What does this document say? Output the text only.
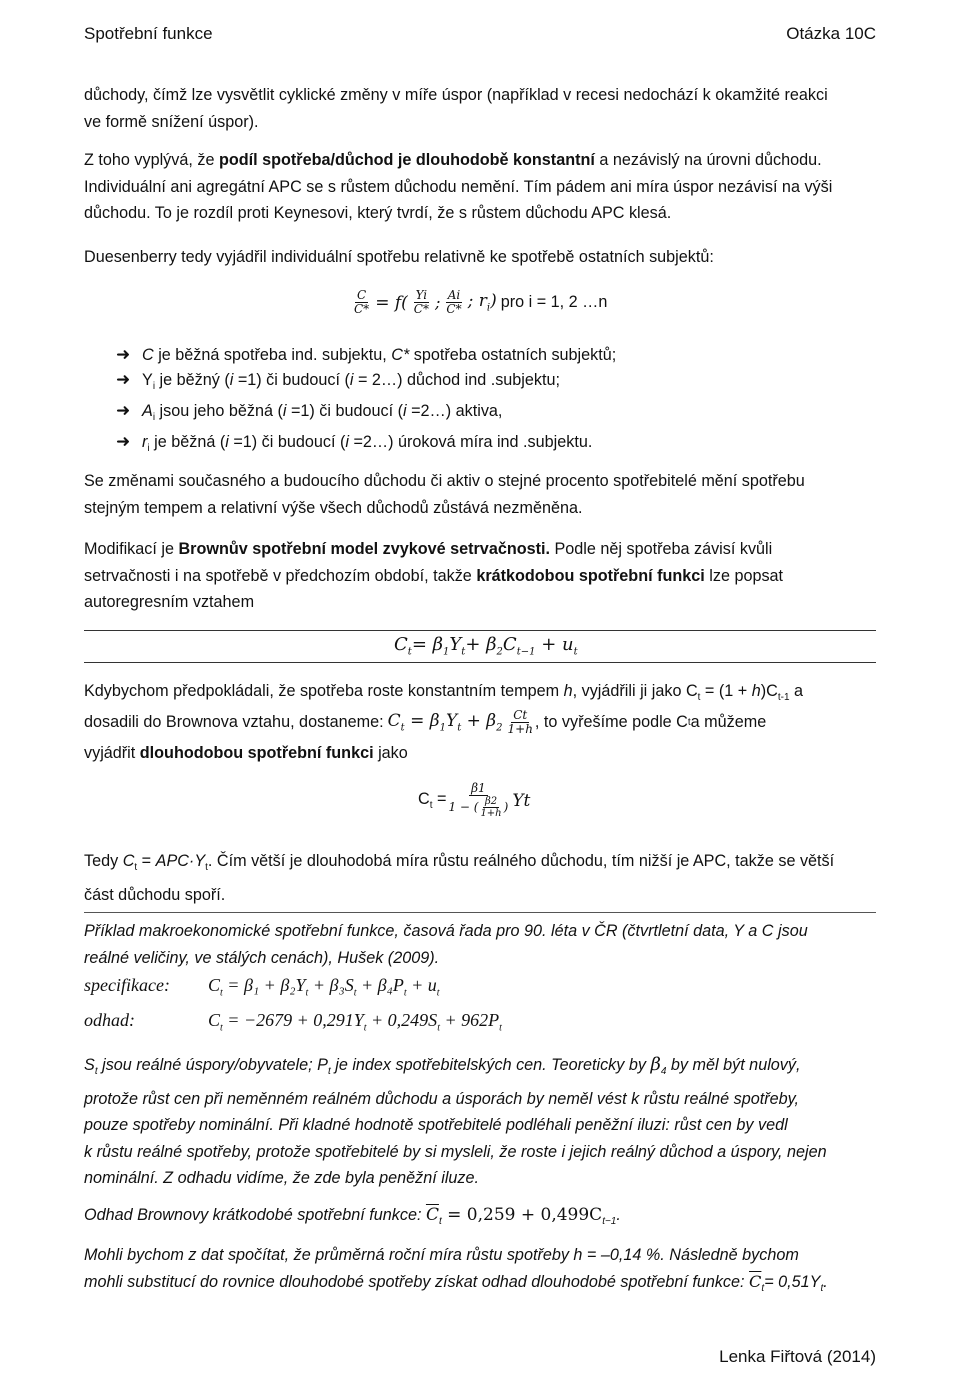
Spotřební funkce	Otázka 10C
důchody, čímž lze vysvětlit cyklické změny v míře úspor (například v recesi nedochází k okamžité reakci
ve formě snížení úspor).
Z toho vyplývá, že podíl spotřeba/důchod je dlouhodobě konstantní a nezávislý na úrovni důchodu.
Individuální ani agregátní APC se s růstem důchodu nemění. Tím pádem ani míra úspor nezávisí na výši
důchodu. To je rozdíl proti Keynesovi, který tvrdí, že s růstem důchodu APC klesá.
Duesenberry tedy vyjádřil individuální spotřebu relativně ke spotřebě ostatních subjektů:
$\frac{C}{C*} = f( \frac{Yi}{C*}$ ; $\frac{Ai}{C*}$ ; $r_i$) pro i = 1, 2 …n
➜ C je běžná spotřeba ind. subjektu, C* spotřeba ostatních subjektů;
➜ $Y_i$ je běžný (i =1) či budoucí (i = 2…) důchod ind .subjektu;
➜ $A_i$ jsou jeho běžná (i =1) či budoucí (i =2…) aktiva,
➜ $r_i$ je běžná (i =1) či budoucí (i =2…) úroková míra ind .subjektu.
Se změnami současného a budoucího důchodu či aktiv o stejné procento spotřebitelé mění spotřebu
stejným tempem a relativní výše všech důchodů zůstává nezměněna.
Modifikací je Brownův spotřební model zvykové setrvačnosti. Podle něj spotřeba závisí kvůli
setrvačnosti i na spotřebě v předchozím období, takže krátkodobou spotřební funkci lze popsat
autoregresním vztahem
$C_t= \beta_1Y_t+ \beta_2C_{t-1} + u_t$
Kdybychom předpokládali, že spotřeba roste konstantním tempem h, vyjádřili ji jako $C_t = (1 + h)C_{t-1}$ a
dosadili do Brownova vztahu, dostaneme: $C_t = \beta_1Y_t + \beta_2 \frac{Ct}{1+h}$ , to vyřešíme podle C t a můžeme
vyjádřit dlouhodobou spotřební funkci jako
$C_t = \frac{\beta 1}{1 - ( \frac{\beta 2}{1+h} )}$ Yt
Tedy $C_t = APC\cdot Y_t$. Čím větší je dlouhodobá míra růstu reálného důchodu, tím nižší je APC, takže se větší
část důchodu spoří.
Příklad makroekonomické spotřební funkce, časová řada pro 90. léta v ČR (čtvrtletní data, Y a C jsou
reálné veličiny, ve stálých cenách), Hušek (2009).
specifikace: $C_t = \beta_1 + \beta_2Y_t + \beta_3S_t + \beta_4P_t + u_t$
odhad:	$C_t = -2679 + 0,291Y_t + 0,249S_t + 962P_t$
$S_t$ jsou reálné úspory/obyvatele; $P_t$ je index spotřebitelských cen. Teoreticky by $\beta_4$ by měl být nulový,
protože růst cen při neměnném reálném důchodu a úsporách by neměl vést k růstu reálné spotřeby,
pouze spotřeby nominální. Při kladné hodnotě spotřebitelé podléhali peněžní iluzi: růst cen by vedl
k růstu reálné spotřeby, protože spotřebitelé by si mysleli, že roste i jejich reálný důchod a úspory, nejen
nominální. Z odhadu vidíme, že zde byla peněžní iluze.
Odhad Brownovy krátkodobé spotřební funkce: $\overline{C}_t = 0,259 + 0,499C_{t-1}$.
Mohli bychom z dat spočítat, že průměrná roční míra růstu spotřeby h = –0,14 %. Následně bychom
mohli substitucí do rovnice dlouhodobé spotřeby získat odhad dlouhodobé spotřební funkce: $\overline{C}_t= 0,51Y_t$.
Lenka Fiřtová (2014)
